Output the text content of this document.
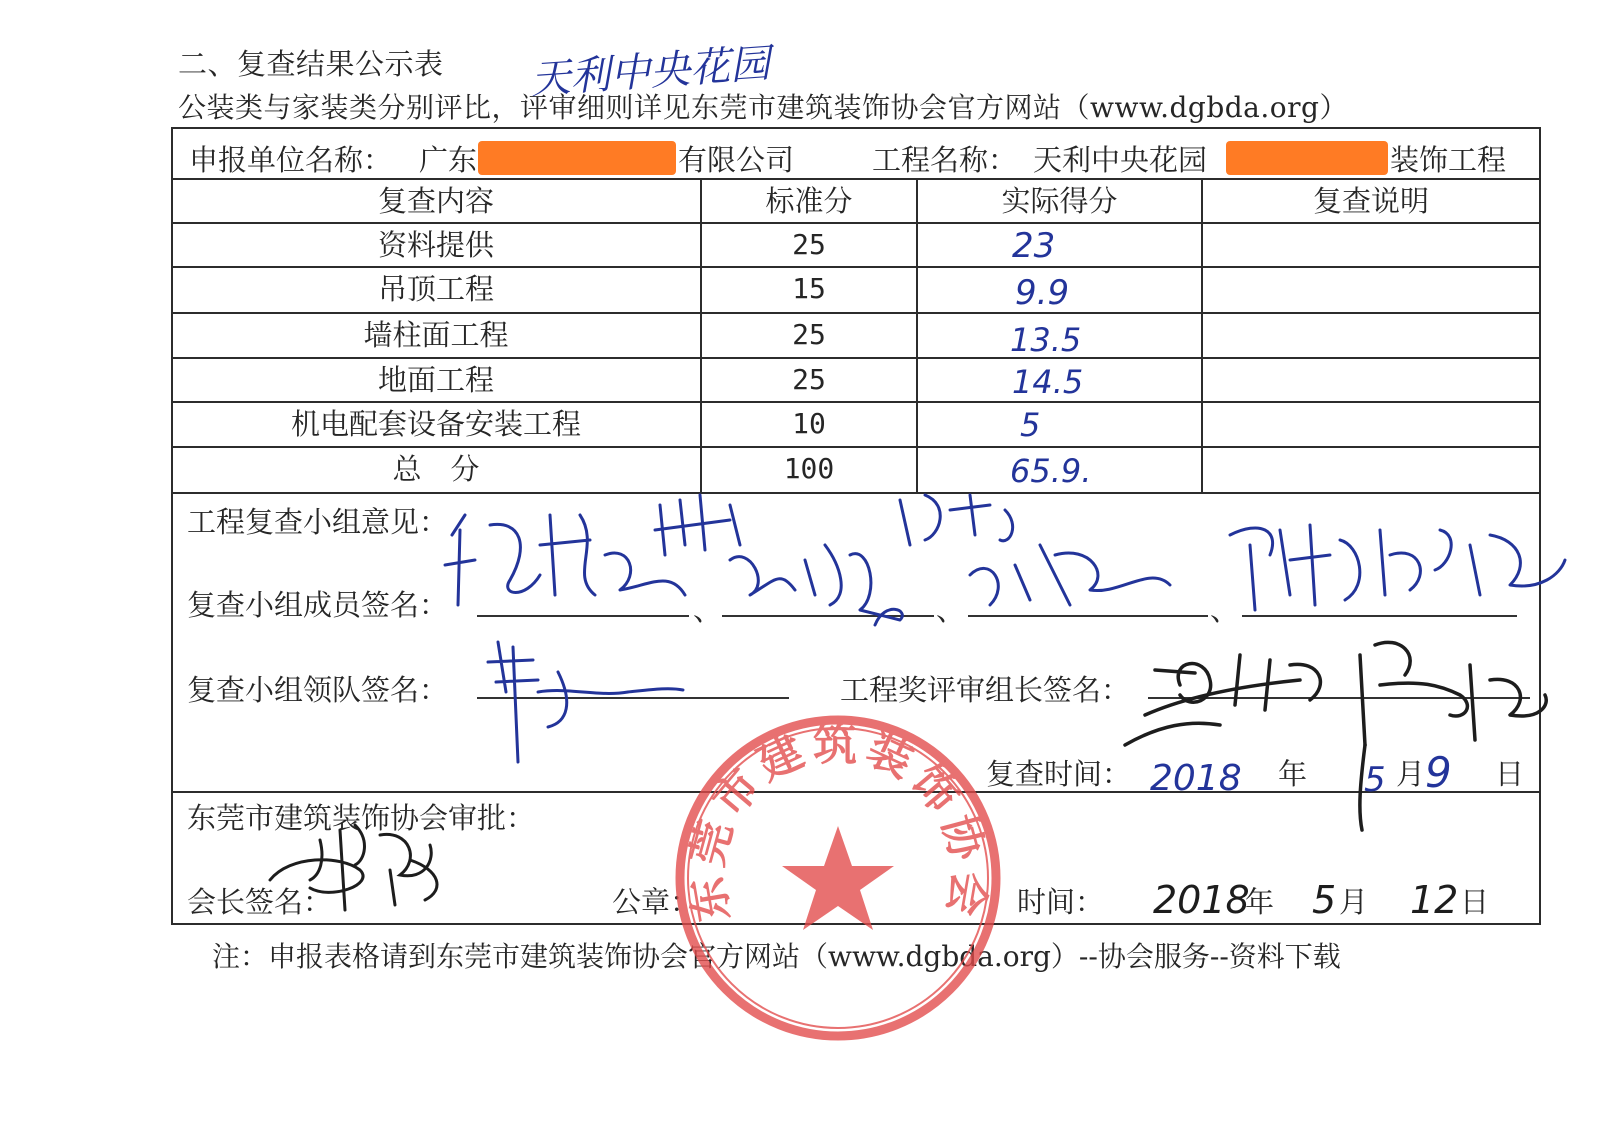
二、复查结果公示表 天利中央花园
公装类与家装类分别评比，评审细则详见东莞市建筑装饰协会官方网站（www.dgbda.org）
申报单位名称： 广东	有限公司	工程名称： 天利中央花园	装饰工程
复查内容	标准分	实际得分	复查说明
资料提供	25	23
吊顶工程	15	9.9
墙柱面工程	25	13.5
地面工程	25	14.5
机电配套设备安装工程	10	5
总　分	100	65.9.
工程复查小组意见：
复查小组成员签名：	、	、	、
复查小组领队签名：	工程奖评审组长签名：
复查时间： 2018 年 5 月 9 日
东莞市建筑装饰协会审批：
会长签名：	公章：	时间： 2018
年 5 月 12 日
注：申报表格请到东莞市建筑装饰协会官方网站（www.dgbda.org）--协会服务--资料下载
东莞市建筑装饰协会
